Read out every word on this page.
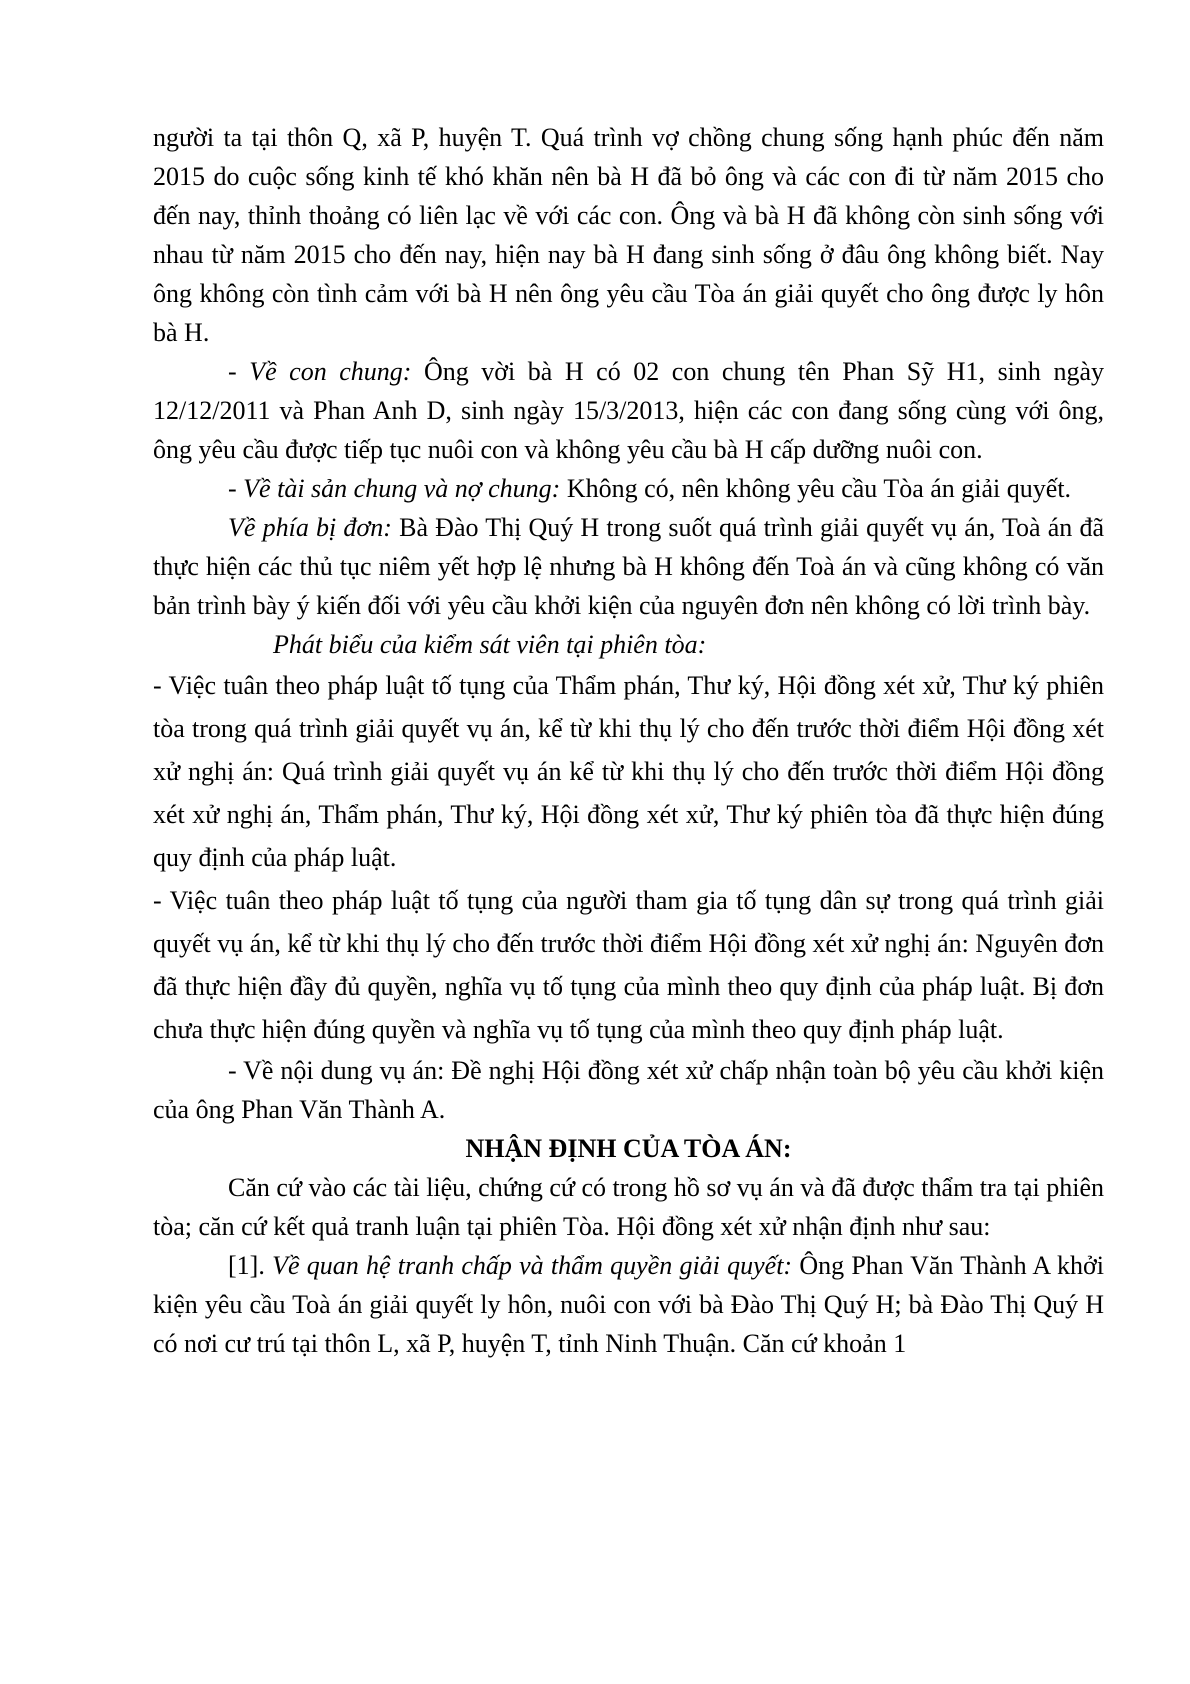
người ta tại thôn Q, xã P, huyện T. Quá trình vợ chồng chung sống hạnh phúc đến năm 2015 do cuộc sống kinh tế khó khăn nên bà H đã bỏ ông và các con đi từ năm 2015 cho đến nay, thỉnh thoảng có liên lạc về với các con. Ông và bà H đã không còn sinh sống với nhau từ năm 2015 cho đến nay, hiện nay bà H đang sinh sống ở đâu ông không biết. Nay ông không còn tình cảm với bà H nên ông yêu cầu Tòa án giải quyết cho ông được ly hôn bà H.

- Về con chung: Ông vời bà H có 02 con chung tên Phan Sỹ H1, sinh ngày 12/12/2011 và Phan Anh D, sinh ngày 15/3/2013, hiện các con đang sống cùng với ông, ông yêu cầu được tiếp tục nuôi con và không yêu cầu bà H cấp dưỡng nuôi con.

- Về tài sản chung và nợ chung: Không có, nên không yêu cầu Tòa án giải quyết.

Về phía bị đơn: Bà Đào Thị Quý H trong suốt quá trình giải quyết vụ án, Toà án đã thực hiện các thủ tục niêm yết hợp lệ nhưng bà H không đến Toà án và cũng không có văn bản trình bày ý kiến đối với yêu cầu khởi kiện của nguyên đơn nên không có lời trình bày.

Phát biểu của kiểm sát viên tại phiên tòa:

- Việc tuân theo pháp luật tố tụng của Thẩm phán, Thư ký, Hội đồng xét xử, Thư ký phiên tòa trong quá trình giải quyết vụ án, kể từ khi thụ lý cho đến trước thời điểm Hội đồng xét xử nghị án: Quá trình giải quyết vụ án kể từ khi thụ lý cho đến trước thời điểm Hội đồng xét xử nghị án, Thẩm phán, Thư ký, Hội đồng xét xử, Thư ký phiên tòa đã thực hiện đúng quy định của pháp luật.

- Việc tuân theo pháp luật tố tụng của người tham gia tố tụng dân sự trong quá trình giải quyết vụ án, kể từ khi thụ lý cho đến trước thời điểm Hội đồng xét xử nghị án: Nguyên đơn đã thực hiện đầy đủ quyền, nghĩa vụ tố tụng của mình theo quy định của pháp luật. Bị đơn chưa thực hiện đúng quyền và nghĩa vụ tố tụng của mình theo quy định pháp luật.

- Về nội dung vụ án: Đề nghị Hội đồng xét xử chấp nhận toàn bộ yêu cầu khởi kiện của ông Phan Văn Thành A.

NHẬN ĐỊNH CỦA TÒA ÁN:

Căn cứ vào các tài liệu, chứng cứ có trong hồ sơ vụ án và đã được thẩm tra tại phiên tòa; căn cứ kết quả tranh luận tại phiên Tòa. Hội đồng xét xử nhận định như sau:

[1]. Về quan hệ tranh chấp và thẩm quyền giải quyết: Ông Phan Văn Thành A khởi kiện yêu cầu Toà án giải quyết ly hôn, nuôi con với bà Đào Thị Quý H; bà Đào Thị Quý H có nơi cư trú tại thôn L, xã P, huyện T, tỉnh Ninh Thuận. Căn cứ khoản 1
